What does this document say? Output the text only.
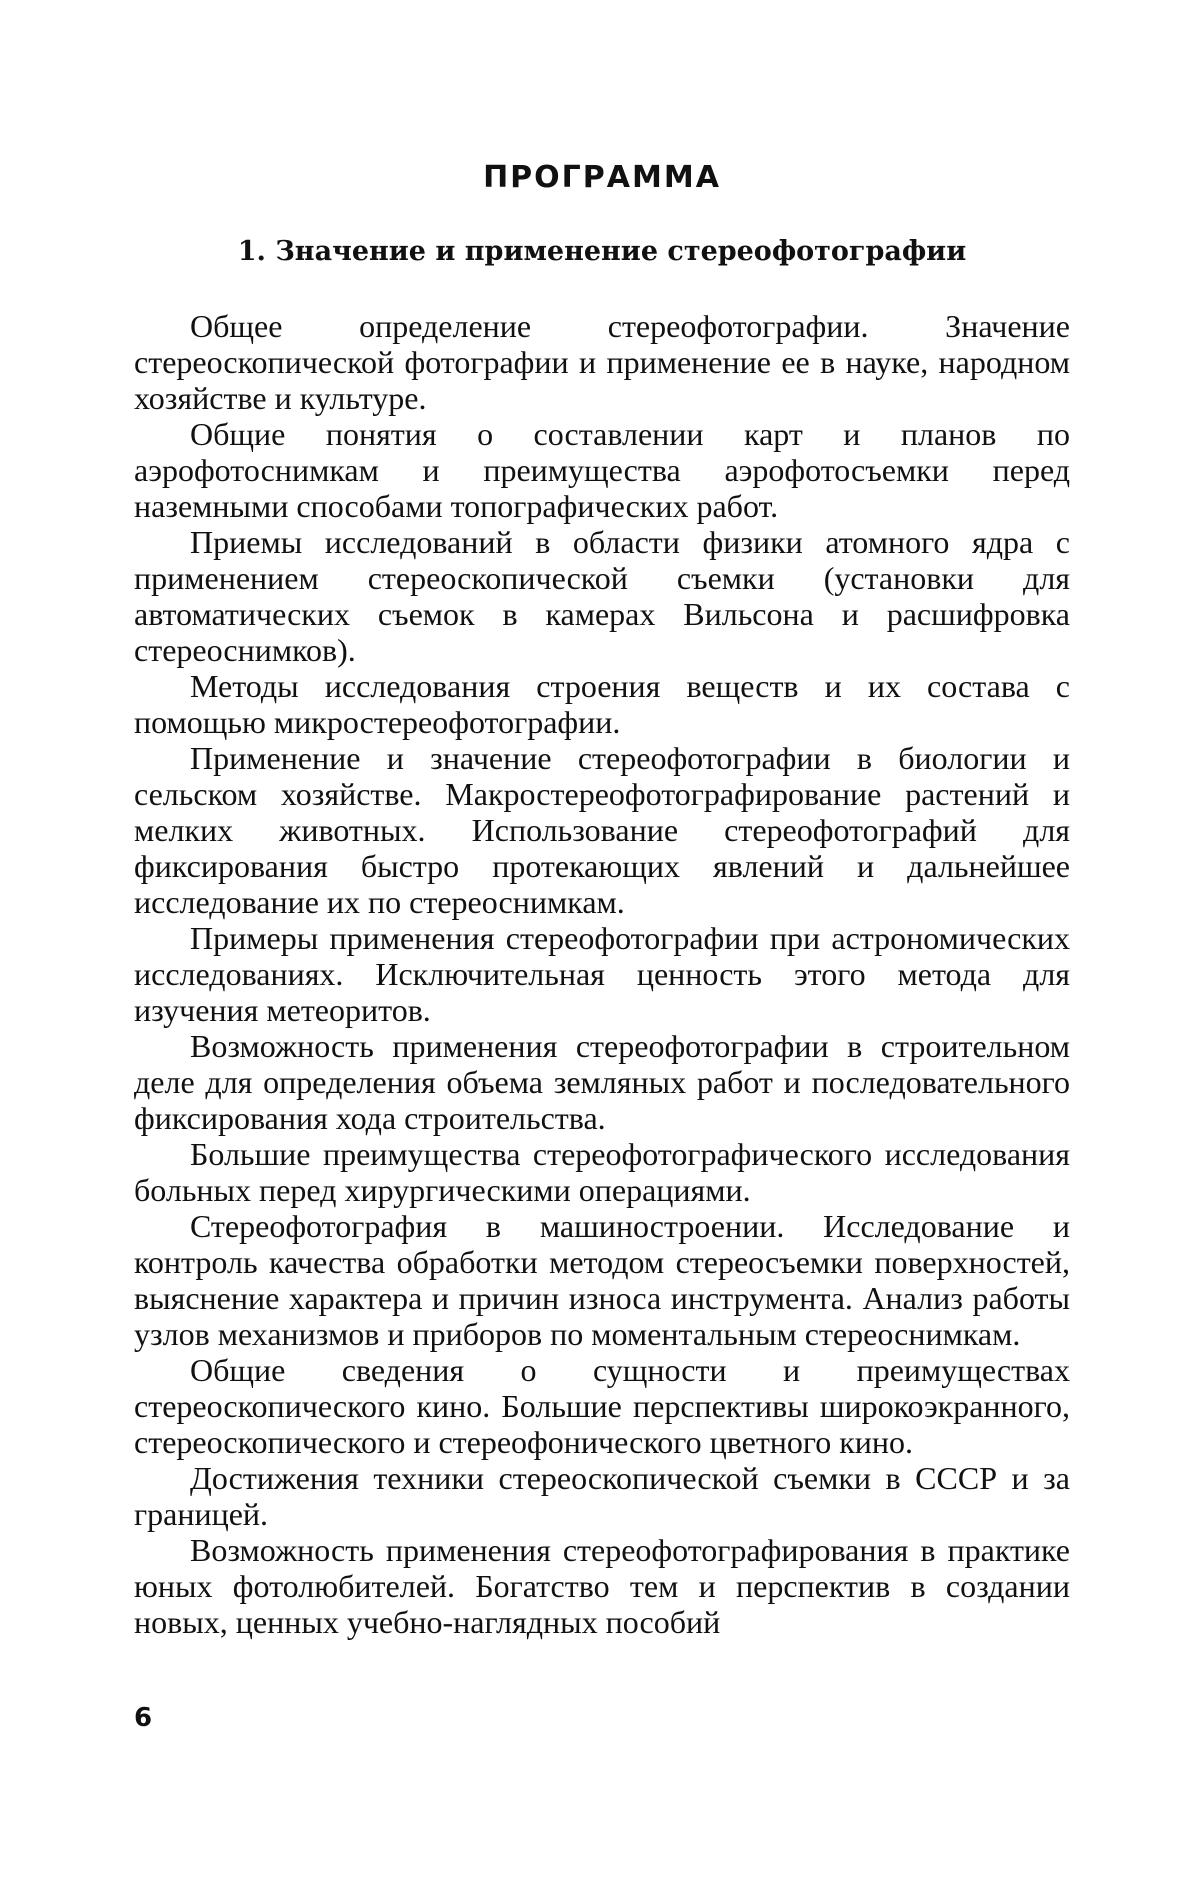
ПРОГРАММА
1. Значение и применение стереофотографии

Общее определение стереофотографии. Значение стереоскопической фотографии и применение ее в науке, народном хозяйстве и культуре.

Общие понятия о составлении карт и планов по аэрофотоснимкам и преимущества аэрофотосъемки перед наземными способами топографических работ.

Приемы исследований в области физики атомного ядра с применением стереоскопической съемки (установки для автоматических съемок в камерах Вильсона и расшифровка стереоснимков).

Методы исследования строения веществ и их состава с помощью микростереофотографии.

Применение и значение стереофотографии в биологии и сельском хозяйстве. Макростереофотографирование растений и мелких животных. Использование стереофотографий для фиксирования быстро протекающих явлений и дальнейшее исследование их по стереоснимкам.

Примеры применения стереофотографии при астрономических исследованиях. Исключительная ценность этого метода для изучения метеоритов.

Возможность применения стереофотографии в строительном деле для определения объема земляных работ и последовательного фиксирования хода строительства.

Большие преимущества стереофотографического исследования больных перед хирургическими операциями.

Стереофотография в машиностроении. Исследование и контроль качества обработки методом стереосъемки поверхностей, выяснение характера и причин износа инструмента. Анализ работы узлов механизмов и приборов по моментальным стереоснимкам.

Общие сведения о сущности и преимуществах стереоскопического кино. Большие перспективы широкоэкранного, стереоскопического и стереофонического цветного кино.

Достижения техники стереоскопической съемки в СССР и за границей.

Возможность применения стереофотографирования в практике юных фотолюбителей. Богатство тем и перспектив в создании новых, ценных учебно-наглядных пособий

6
